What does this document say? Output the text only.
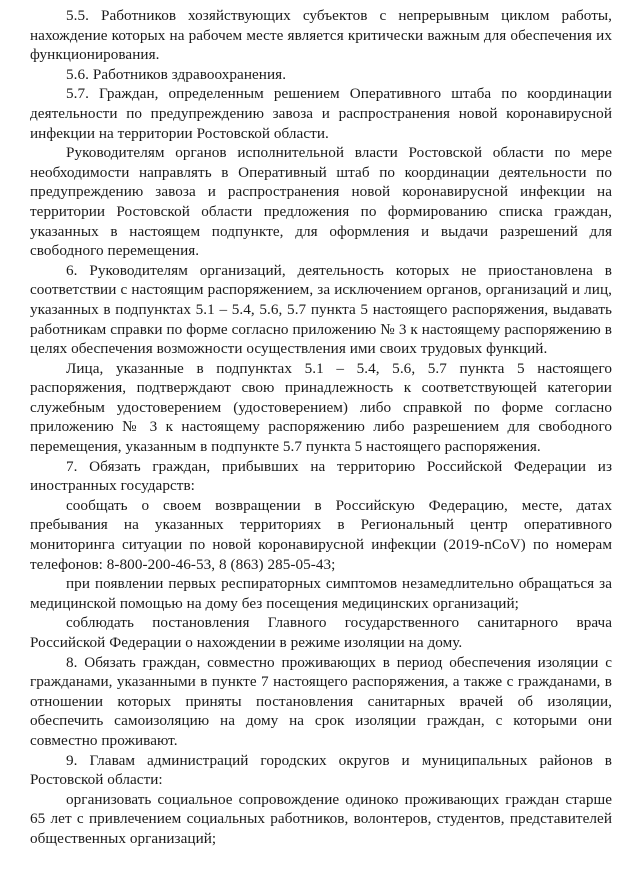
5.5. Работников хозяйствующих субъектов с непрерывным циклом работы, нахождение которых на рабочем месте является критически важным для обеспечения их функционирования.

5.6. Работников здравоохранения.

5.7. Граждан, определенным решением Оперативного штаба по координации деятельности по предупреждению завоза и распространения новой коронавирусной инфекции на территории Ростовской области.

Руководителям органов исполнительной власти Ростовской области по мере необходимости направлять в Оперативный штаб по координации деятельности по предупреждению завоза и распространения новой коронавирусной инфекции на территории Ростовской области предложения по формированию списка граждан, указанных в настоящем подпункте, для оформления и выдачи разрешений для свободного перемещения.

6. Руководителям организаций, деятельность которых не приостановлена в соответствии с настоящим распоряжением, за исключением органов, организаций и лиц, указанных в подпунктах 5.1 – 5.4, 5.6, 5.7 пункта 5 настоящего распоряжения, выдавать работникам справки по форме согласно приложению № 3 к настоящему распоряжению в целях обеспечения возможности осуществления ими своих трудовых функций.

Лица, указанные в подпунктах 5.1 – 5.4, 5.6, 5.7 пункта 5 настоящего распоряжения, подтверждают свою принадлежность к соответствующей категории служебным удостоверением (удостоверением) либо справкой по форме согласно приложению № 3 к настоящему распоряжению либо разрешением для свободного перемещения, указанным в подпункте 5.7 пункта 5 настоящего распоряжения.

7. Обязать граждан, прибывших на территорию Российской Федерации из иностранных государств:

сообщать о своем возвращении в Российскую Федерацию, месте, датах пребывания на указанных территориях в Региональный центр оперативного мониторинга ситуации по новой коронавирусной инфекции (2019-nCoV) по номерам телефонов: 8-800-200-46-53, 8 (863) 285-05-43;

при появлении первых респираторных симптомов незамедлительно обращаться за медицинской помощью на дому без посещения медицинских организаций;

соблюдать постановления Главного государственного санитарного врача Российской Федерации о нахождении в режиме изоляции на дому.

8. Обязать граждан, совместно проживающих в период обеспечения изоляции с гражданами, указанными в пункте 7 настоящего распоряжения, а также с гражданами, в отношении которых приняты постановления санитарных врачей об изоляции, обеспечить самоизоляцию на дому на срок изоляции граждан, с которыми они совместно проживают.

9. Главам администраций городских округов и муниципальных районов в Ростовской области:

организовать социальное сопровождение одиноко проживающих граждан старше 65 лет с привлечением социальных работников, волонтеров, студентов, представителей общественных организаций;
